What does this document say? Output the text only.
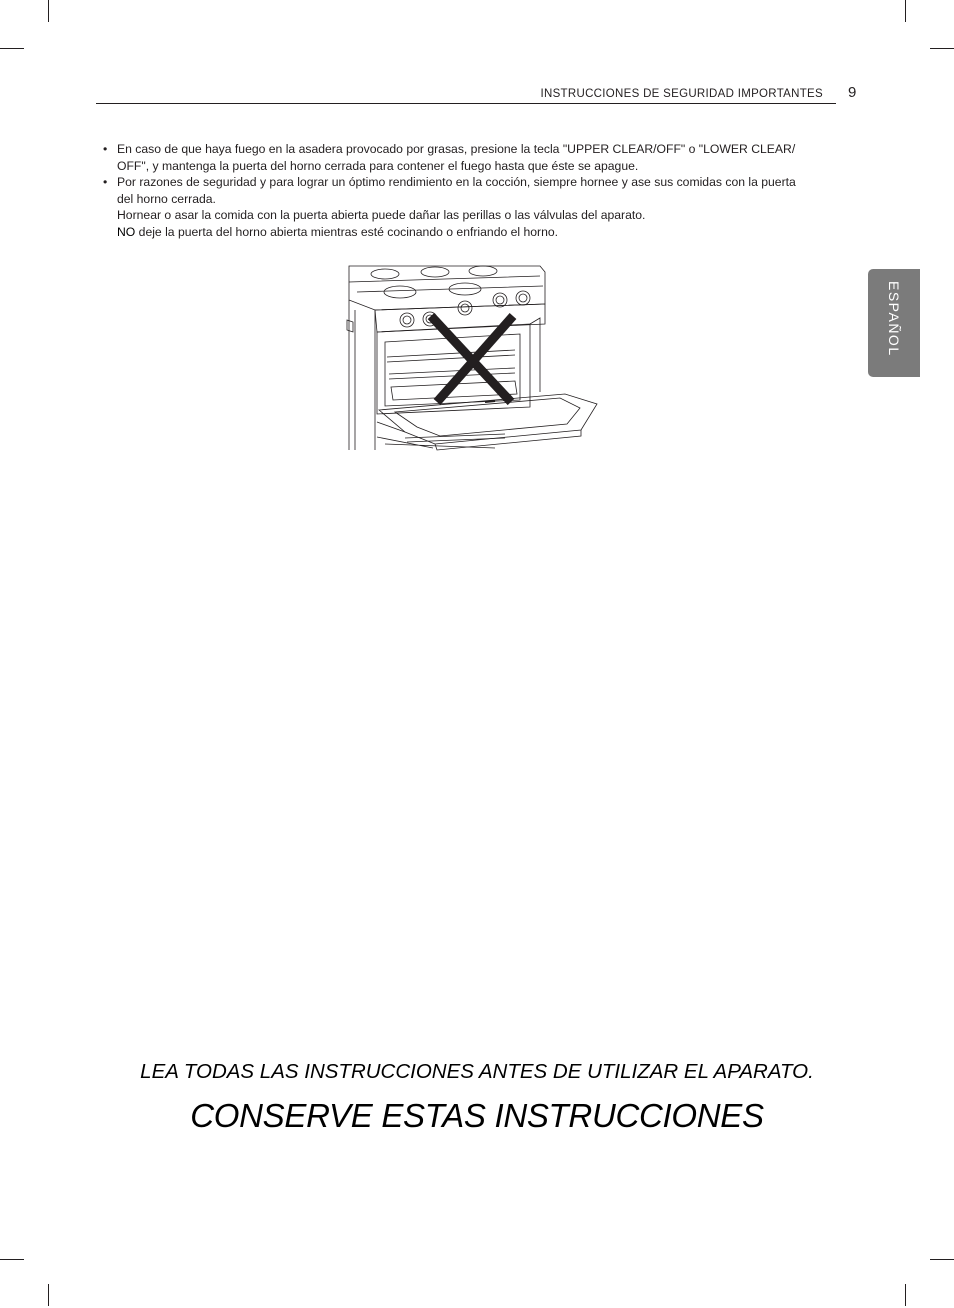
INSTRUCCIONES DE SEGURIDAD IMPORTANTES 9
ESPAÑOL
• En caso de que haya fuego en la asadera provocado por grasas, presione la tecla "UPPER CLEAR/OFF" o "LOWER CLEAR/

OFF", y mantenga la puerta del horno cerrada para contener el fuego hasta que éste se apague.

• Por razones de seguridad y para lograr un óptimo rendimiento en la cocción, siempre hornee y ase sus comidas con la puerta

del horno cerrada.

Hornear o asar la comida con la puerta abierta puede dañar las perillas o las válvulas del aparato.

NO deje la puerta del horno abierta mientras esté cocinando o enfriando el horno.

LEA TODAS LAS INSTRUCCIONES ANTES DE UTILIZAR EL APARATO.
CONSERVE ESTAS INSTRUCCIONES
